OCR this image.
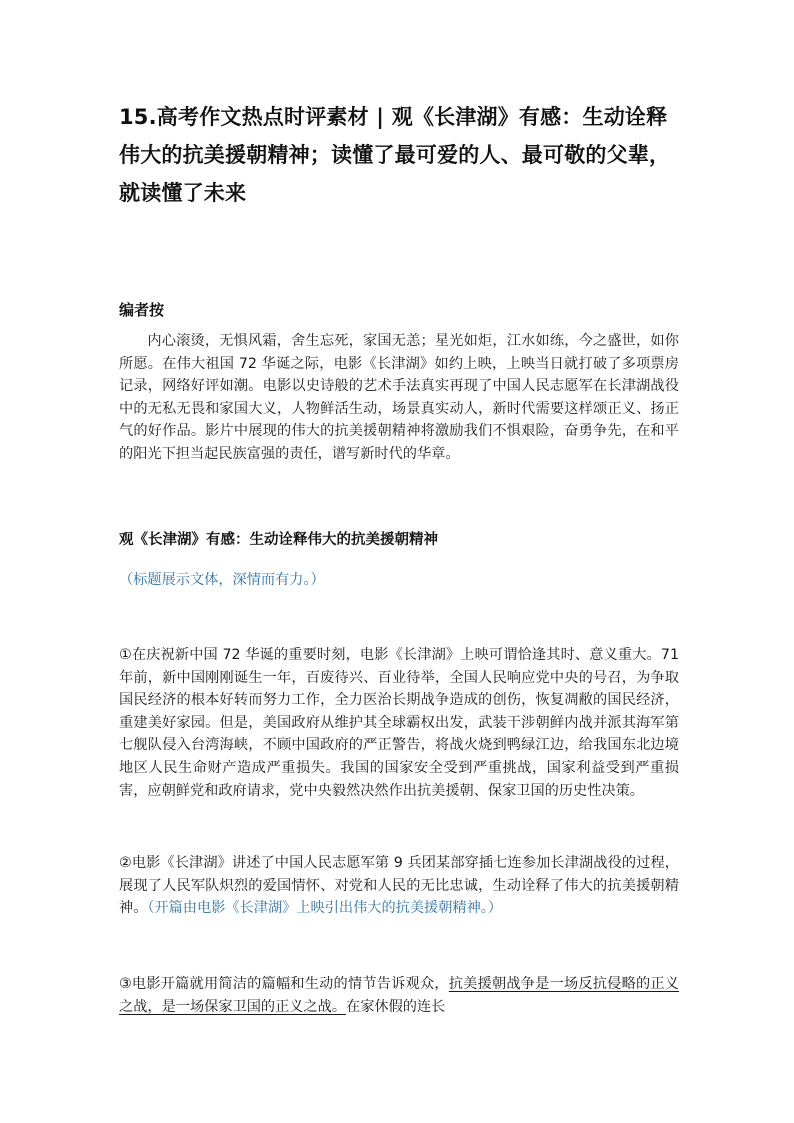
15.高考作文热点时评素材 | 观《长津湖》有感：生动诠释伟大的抗美援朝精神；读懂了最可爱的人、最可敬的父辈，就读懂了未来
编者按

内心滚烫，无惧风霜，舍生忘死，家国无恙；星光如炬，江水如练，今之盛世，如你所愿。在伟大祖国 72 华诞之际，电影《长津湖》如约上映，上映当日就打破了多项票房记录，网络好评如潮。电影以史诗般的艺术手法真实再现了中国人民志愿军在长津湖战役中的无私无畏和家国大义，人物鲜活生动，场景真实动人，新时代需要这样颂正义、扬正气的好作品。影片中展现的伟大的抗美援朝精神将激励我们不惧艰险，奋勇争先，在和平的阳光下担当起民族富强的责任，谱写新时代的华章。

观《长津湖》有感：生动诠释伟大的抗美援朝精神

（标题展示文体，深情而有力。）

①在庆祝新中国 72 华诞的重要时刻，电影《长津湖》上映可谓恰逢其时、意义重大。71 年前，新中国刚刚诞生一年，百废待兴、百业待举，全国人民响应党中央的号召，为争取国民经济的根本好转而努力工作，全力医治长期战争造成的创伤，恢复凋敝的国民经济，重建美好家园。但是，美国政府从维护其全球霸权出发，武装干涉朝鲜内战并派其海军第七舰队侵入台湾海峡，不顾中国政府的严正警告，将战火烧到鸭绿江边，给我国东北边境地区人民生命财产造成严重损失。我国的国家安全受到严重挑战，国家利益受到严重损害，应朝鲜党和政府请求，党中央毅然决然作出抗美援朝、保家卫国的历史性决策。

②电影《长津湖》讲述了中国人民志愿军第 9 兵团某部穿插七连参加长津湖战役的过程，展现了人民军队炽烈的爱国情怀、对党和人民的无比忠诚，生动诠释了伟大的抗美援朝精神。（开篇由电影《长津湖》上映引出伟大的抗美援朝精神。）

③电影开篇就用简洁的篇幅和生动的情节告诉观众，抗美援朝战争是一场反抗侵略的正义之战，是一场保家卫国的正义之战。在家休假的连长
